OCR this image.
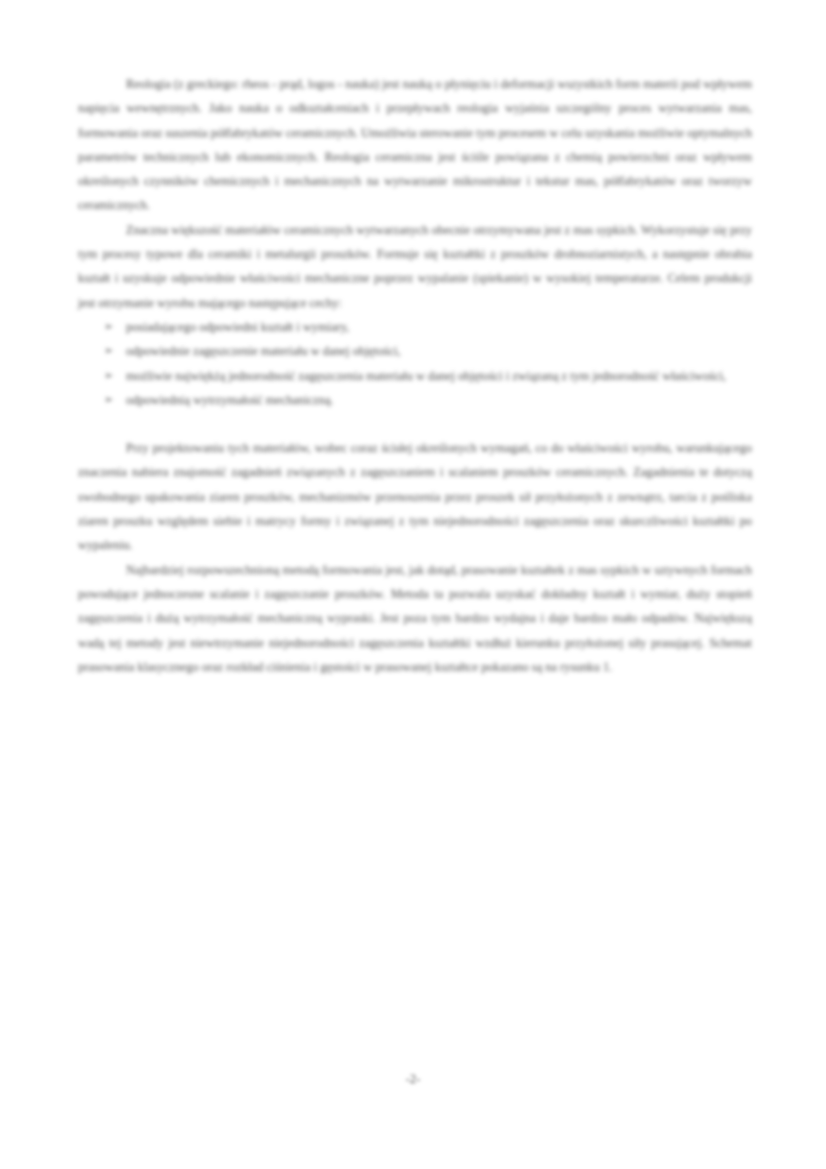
Reologia (z greckiego: rheos - prąd, logos - nauka) jest nauką o płynięciu i deformacji wszystkich form materii pod wpływem napięcia wewnętrznych. Jako nauka o odkształceniach i przepływach reologia wyjaśnia szczególny proces wytwarzania mas, formowania oraz suszenia półfabrykatów ceramicznych. Umożliwia sterowanie tym procesem w celu uzyskania możliwie optymalnych parametrów technicznych lub ekonomicznych. Reologia ceramiczna jest ściśle powiązana z chemią powierzchni oraz wpływem określonych czynników chemicznych i mechanicznych na wytwarzanie mikrostruktur i tekstur mas, półfabrykatów oraz tworzyw ceramicznych.

Znaczna większość materiałów ceramicznych wytwarzanych obecnie otrzymywana jest z mas sypkich. Wykorzystuje się przy tym procesy typowe dla ceramiki i metalurgii proszków. Formuje się kształtki z proszków drobnoziarnistych, a następnie obrabia kształt i uzyskuje odpowiednie właściwości mechaniczne poprzez wypalanie (spiekanie) w wysokiej temperaturze. Celem produkcji jest otrzymanie wyrobu mającego następujące cechy:

➢ posiadającego odpowiedni kształt i wymiary,
➢ odpowiednie zagęszczenie materiału w danej objętości,
➢ możliwie najwiękżą jednorodność zagęszczenia materiału w danej objętości i związaną z tym jednorodność właściwości,
➢ odpowiednią wytrzymałość mechaniczną.

Przy projektowaniu tych materiałów, wobec coraz ścisłej określonych wymagań, co do właściwości wyrobu, warunkującego znaczenia nabiera znajomość zagadnień związanych z zagęszczaniem i scalaniem proszków ceramicznych. Zagadnienia te dotyczą swobodnego upakowania ziaren proszków, mechanizmów przenoszenia przez proszek sił przyłożonych z zewnątrz, tarcia z pośliska ziaren proszku względem siebie i matrycy formy i związanej z tym niejednorodności zagęszczenia oraz skurczliwości kształtki po wypaleniu.

Najbardziej rozpowszechnioną metodą formowania jest, jak dotąd, prasowanie kształtek z mas sypkich w sztywnych formach powodujące jednoczesne scalanie i zagęszczanie proszków. Metoda ta pozwala uzyskać dokładny kształt i wymiar, duży stopień zagęszczenia i dużą wytrzymałość mechaniczną wypraski. Jest poza tym bardzo wydajna i daje bardzo mało odpadów. Największą wadą tej metody jest niewtrzymanie niejednorodności zagęszczenia kształtki wzdłuż kierunku przyłożonej siły prasującej. Schemat prasowania klasycznego oraz rozkład ciśnienia i gęstości w prasowanej kształtce pokazano są na rysunku 1.

-2-
